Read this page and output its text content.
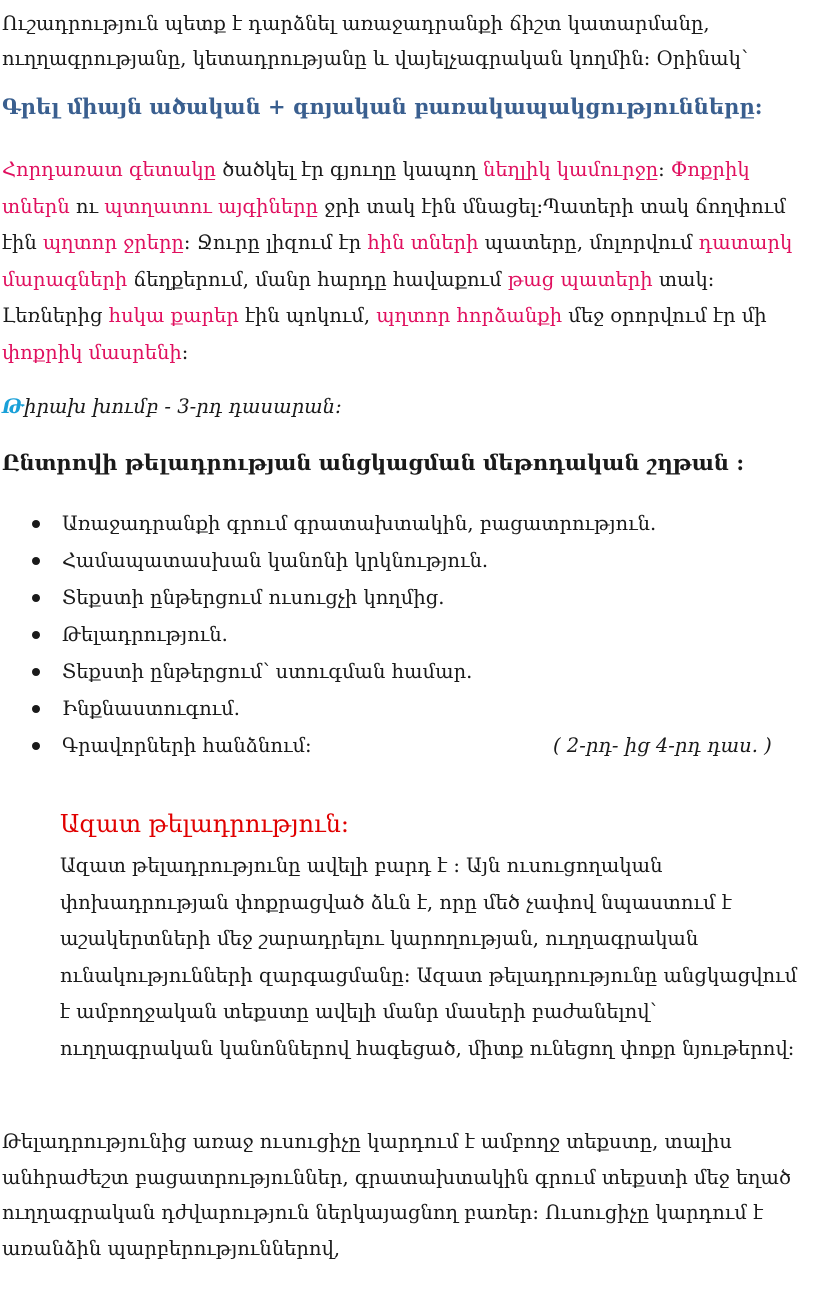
Ուշադրություն պետք է դարձնել առաջադրանքի ճիշտ կատարմանը, ուղղագրությանը, կետադրությանը և վայելչագրական կողմին: Օրինակ՝

Գրել միայն ածական + գոյական բառակապակցությունները:

Հորդառատ գետակը ծածկել էր գյուղը կապող նեղլիկ կամուրջը: Փոքրիկ տներն ու պտղատու այգիները ջրի տակ էին մնացել:Պատերի տակ ճողփում էին պղտոր ջրերը: Ջուրը լիզում էր հին տների պատերը, մոլորվում դատարկ մարագների ճեղքերում, մանր հարդը հավաքում թաց պատերի տակ: Լեռներից հսկա քարեր էին պոկում, պղտոր հորձանքի մեջ օրորվում էր մի փոքրիկ մասրենի:

Թիրախ խումբ - 3-րդ դասարան:

Ընտրովի թելադրության անցկացման մեթոդական շղթան :

Առաջադրանքի գրում գրատախտակին, բացատրություն.
Համապատասխան կանոնի կրկնություն.
Տեքստի ընթերցում ուսուցչի կողմից.
Թելադրություն.
Տեքստի ընթերցում՝ ստուգման համար.
Ինքնաստուգում.
Գրավորների հանձնում:	( 2-րդ- ից 4-րդ դաս. )
Ազատ թելադրություն:

Ազատ թելադրությունը ավելի բարդ է : Այն ուսուցողական փոխադրության փոքրացված ձևն է, որը մեծ չափով նպաստում է աշակերտների մեջ շարադրելու կարողության, ուղղագրական ունակությունների զարգացմանը: Ազատ թելադրությունը անցկացվում է ամբողջական տեքստը ավելի մանր մասերի բաժանելով՝ ուղղագրական կանոններով հագեցած, միտք ունեցող փոքր նյութերով:

Թելադրությունից առաջ ուսուցիչը կարդում է ամբողջ տեքստը, տալիս անհրաժեշտ բացատրություններ, գրատախտակին գրում տեքստի մեջ եղած ուղղագրական դժվարություն ներկայացնող բառեր: Ուսուցիչը կարդում է առանձին պարբերություններով,
